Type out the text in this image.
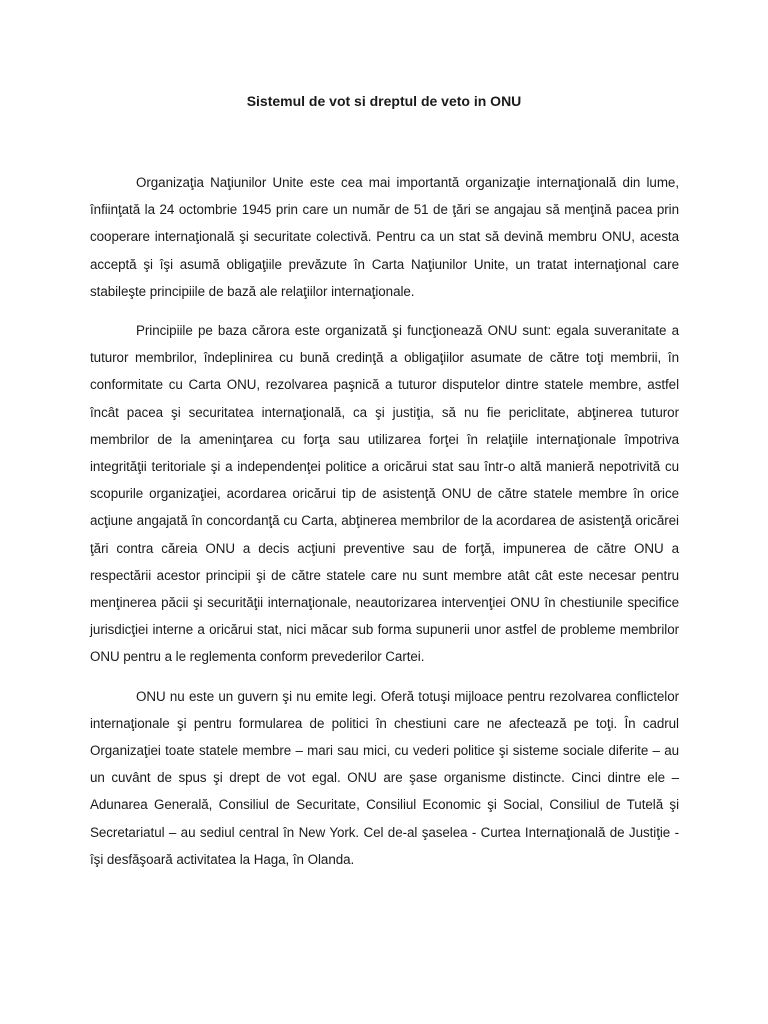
Sistemul de vot si dreptul de veto in ONU

Organizaţia Naţiunilor Unite este cea mai importantă organizaţie internaţională din lume, înfiinţată la 24 octombrie 1945 prin care un număr de 51 de ţări se angajau să menţină pacea prin cooperare internaţională şi securitate colectivă. Pentru ca un stat să devină membru ONU, acesta acceptă şi îşi asumă obligaţiile prevăzute în Carta Naţiunilor Unite, un tratat internaţional care stabileşte principiile de bază ale relaţiilor internaţionale.

Principiile pe baza cărora este organizată şi funcţionează ONU sunt: egala suveranitate a tuturor membrilor, îndeplinirea cu bună credinţă a obligaţiilor asumate de către toţi membrii, în conformitate cu Carta ONU, rezolvarea paşnică a tuturor disputelor dintre statele membre, astfel încât pacea şi securitatea internaţională, ca şi justiţia, să nu fie periclitate, abţinerea tuturor membrilor de la ameninţarea cu forţa sau utilizarea forţei în relaţiile internaţionale împotriva integrităţii teritoriale şi a independenţei politice a oricărui stat sau într-o altă manieră nepotrivită cu scopurile organizaţiei, acordarea oricărui tip de asistenţă ONU de către statele membre în orice acţiune angajată în concordanţă cu Carta, abţinerea membrilor de la acordarea de asistenţă oricărei ţări contra căreia ONU a decis acţiuni preventive sau de forţă, impunerea de către ONU a respectării acestor principii şi de către statele care nu sunt membre atât cât este necesar pentru menţinerea păcii şi securităţii internaţionale, neautorizarea intervenţiei ONU în chestiunile specifice jurisdicţiei interne a oricărui stat, nici măcar sub forma supunerii unor astfel de probleme membrilor ONU pentru a le reglementa conform prevederilor Cartei.

ONU nu este un guvern şi nu emite legi. Oferă totuşi mijloace pentru rezolvarea conflictelor internaţionale şi pentru formularea de politici în chestiuni care ne afectează pe toţi. În cadrul Organizaţiei toate statele membre – mari sau mici, cu vederi politice şi sisteme sociale diferite – au un cuvânt de spus şi drept de vot egal. ONU are şase organisme distincte. Cinci dintre ele – Adunarea Generală, Consiliul de Securitate, Consiliul Economic şi Social, Consiliul de Tutelă şi Secretariatul – au sediul central în New York. Cel de-al şaselea - Curtea Internaţională de Justiţie - îşi desfăşoară activitatea la Haga, în Olanda.
